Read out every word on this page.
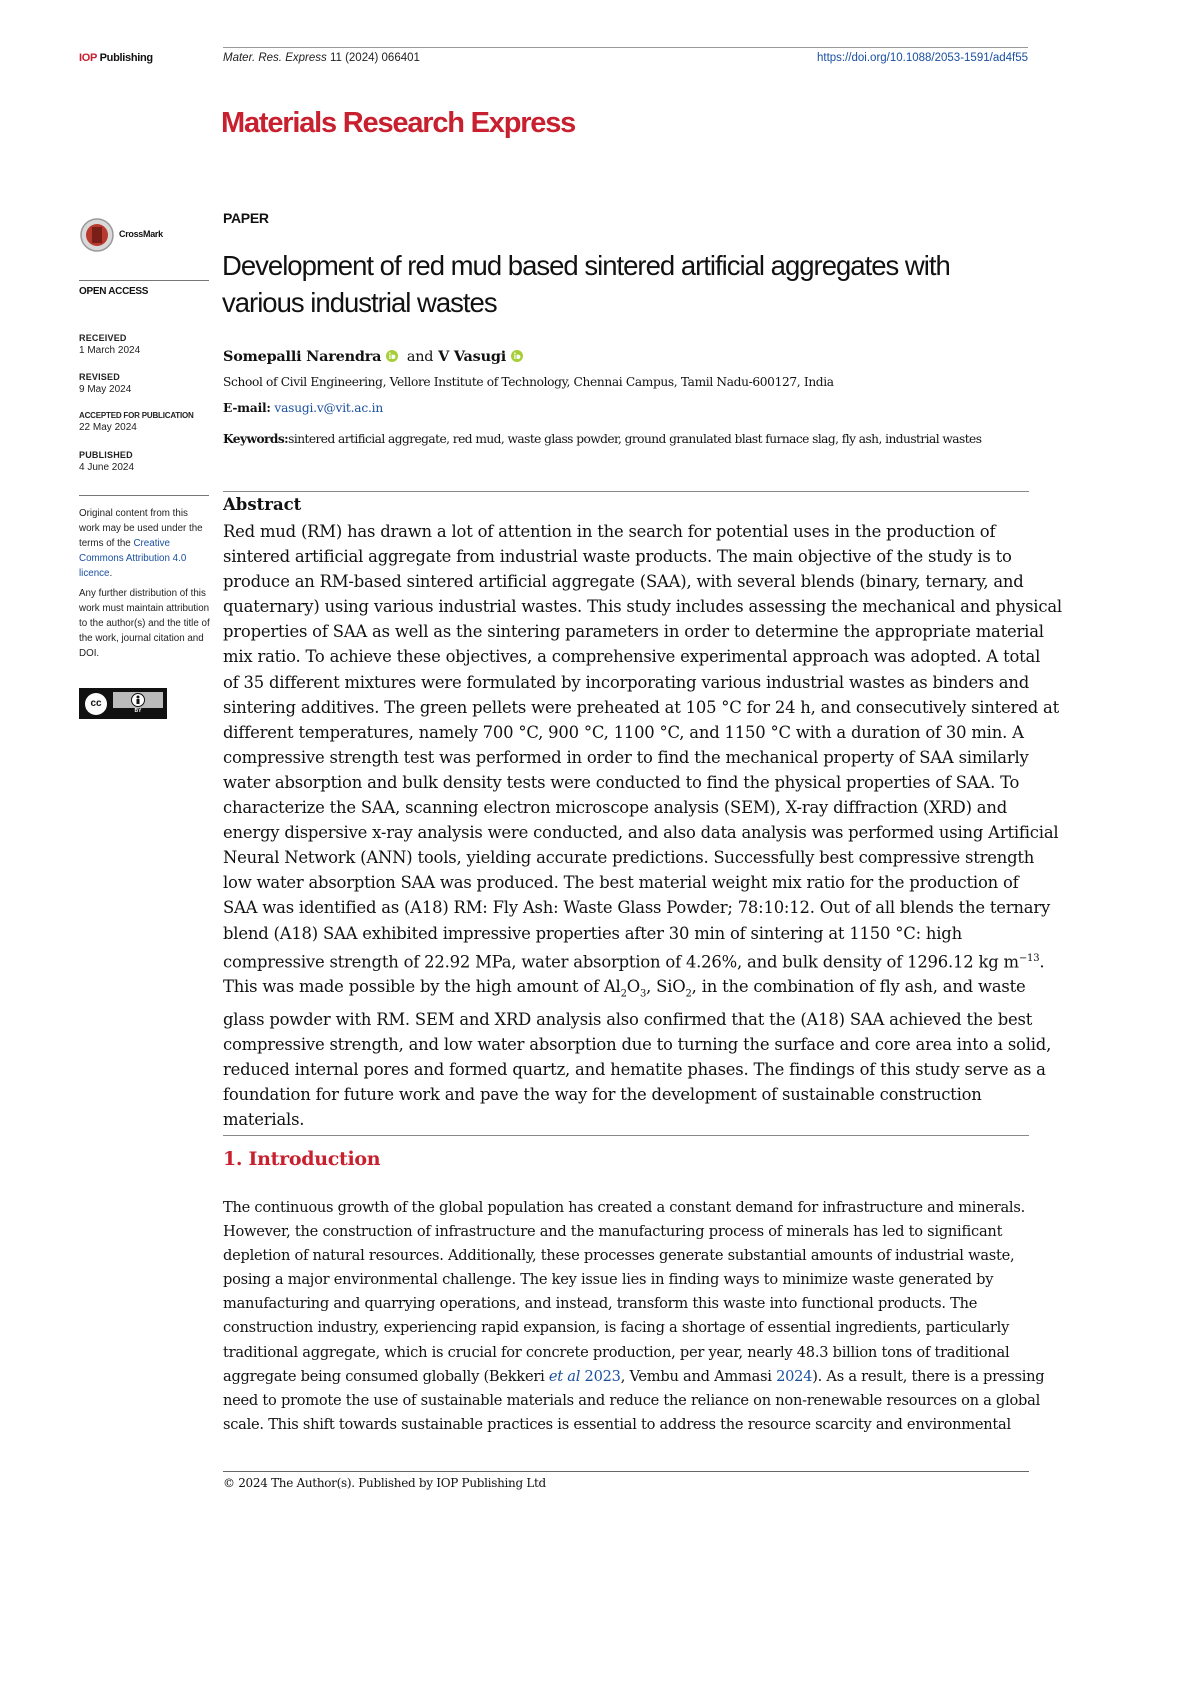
IOP Publishing	Mater. Res. Express 11 (2024) 066401	https://doi.org/10.1088/2053-1591/ad4f55
Materials Research Express
CrossMark
OPEN ACCESS
RECEIVED
1 March 2024
REVISED
9 May 2024
ACCEPTED FOR PUBLICATION
22 May 2024
PUBLISHED
4 June 2024
Original content from this work may be used under the terms of the Creative Commons Attribution 4.0 licence.
Any further distribution of this work must maintain attribution to the author(s) and the title of the work, journal citation and DOI.
cc
BY
PAPER
Development of red mud based sintered artificial aggregates with
various industrial wastes
Somepalli Narendra and V Vasugi
School of Civil Engineering, Vellore Institute of Technology, Chennai Campus, Tamil Nadu-600127, India
E-mail: vasugi.v@vit.ac.in
Keywords:sintered artificial aggregate, red mud, waste glass powder, ground granulated blast furnace slag, fly ash, industrial wastes
Abstract

Red mud (RM) has drawn a lot of attention in the search for potential uses in the production of

sintered artificial aggregate from industrial waste products. The main objective of the study is to

produce an RM-based sintered artificial aggregate (SAA), with several blends (binary, ternary, and

quaternary) using various industrial wastes. This study includes assessing the mechanical and physical

properties of SAA as well as the sintering parameters in order to determine the appropriate material

mix ratio. To achieve these objectives, a comprehensive experimental approach was adopted. A total

of 35 different mixtures were formulated by incorporating various industrial wastes as binders and

sintering additives. The green pellets were preheated at 105 °C for 24 h, and consecutively sintered at

different temperatures, namely 700 °C, 900 °C, 1100 °C, and 1150 °C with a duration of 30 min. A

compressive strength test was performed in order to find the mechanical property of SAA similarly

water absorption and bulk density tests were conducted to find the physical properties of SAA. To

characterize the SAA, scanning electron microscope analysis (SEM), X-ray diffraction (XRD) and

energy dispersive x-ray analysis were conducted, and also data analysis was performed using Artificial

Neural Network (ANN) tools, yielding accurate predictions. Successfully best compressive strength

low water absorption SAA was produced. The best material weight mix ratio for the production of

SAA was identified as (A18) RM: Fly Ash: Waste Glass Powder; 78:10:12. Out of all blends the ternary

blend (A18) SAA exhibited impressive properties after 30 min of sintering at 1150 °C: high

compressive strength of 22.92 MPa, water absorption of 4.26%, and bulk density of 1296.12 kg $m^{-13}$.

This was made possible by the high amount of $Al_2O_3$, SiO$_2$, in the combination of fly ash, and waste

glass powder with RM. SEM and XRD analysis also confirmed that the (A18) SAA achieved the best

compressive strength, and low water absorption due to turning the surface and core area into a solid,

reduced internal pores and formed quartz, and hematite phases. The findings of this study serve as a

foundation for future work and pave the way for the development of sustainable construction

materials.

1. Introduction

The continuous growth of the global population has created a constant demand for infrastructure and minerals.

However, the construction of infrastructure and the manufacturing process of minerals has led to significant

depletion of natural resources. Additionally, these processes generate substantial amounts of industrial waste,

posing a major environmental challenge. The key issue lies in finding ways to minimize waste generated by

manufacturing and quarrying operations, and instead, transform this waste into functional products. The

construction industry, experiencing rapid expansion, is facing a shortage of essential ingredients, particularly

traditional aggregate, which is crucial for concrete production, per year, nearly 48.3 billion tons of traditional

aggregate being consumed globally (Bekkeri et al 2023, Vembu and Ammasi 2024). As a result, there is a pressing

need to promote the use of sustainable materials and reduce the reliance on non-renewable resources on a global

scale. This shift towards sustainable practices is essential to address the resource scarcity and environmental

© 2024 The Author(s). Published by IOP Publishing Ltd
